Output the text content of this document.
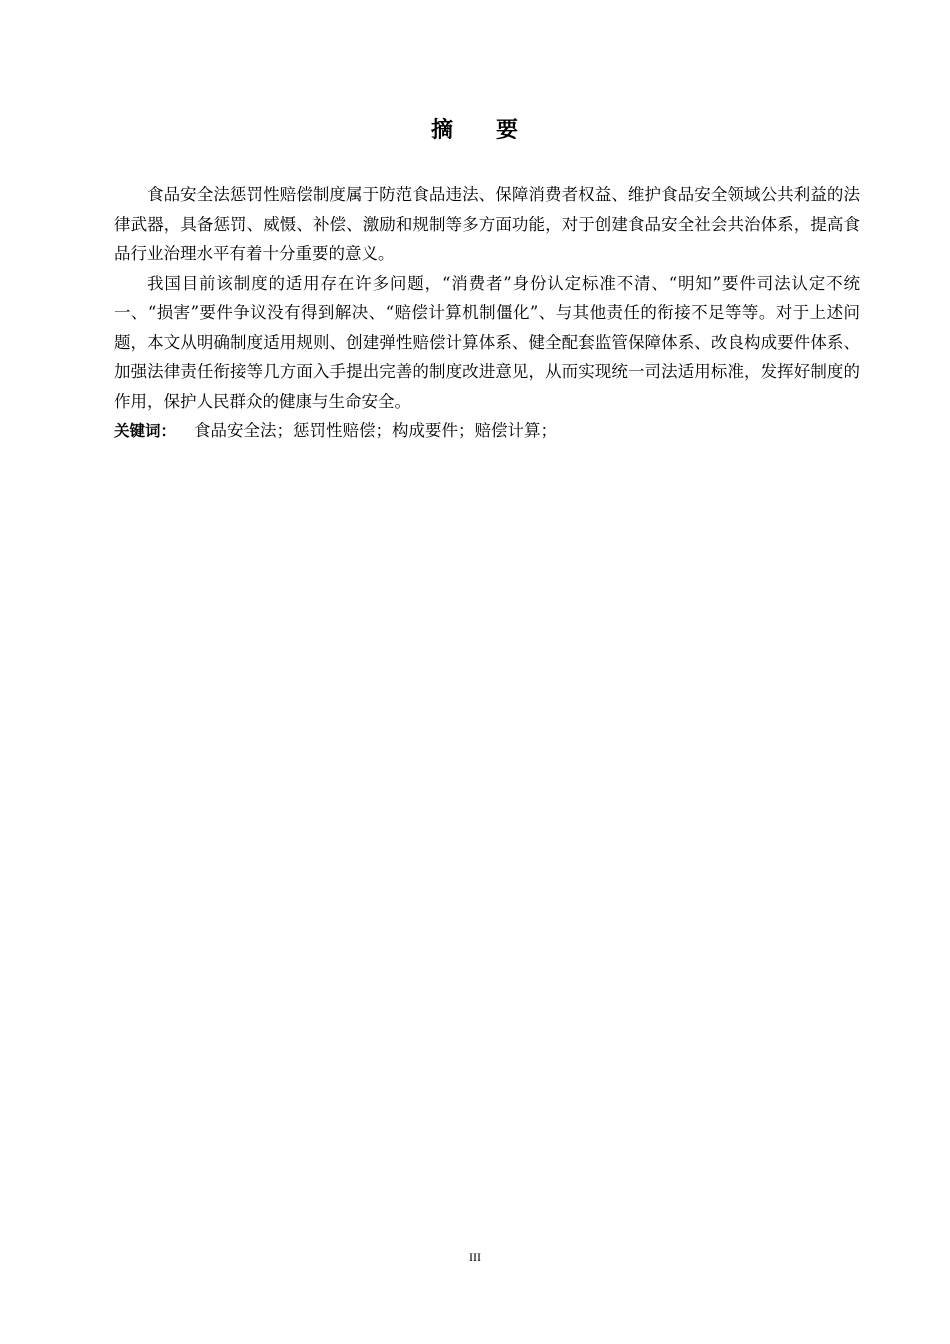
摘 要

食品安全法惩罚性赔偿制度属于防范食品违法、保障消费者权益、维护食品安全领域公共利益的法律武器，具备惩罚、威慑、补偿、激励和规制等多方面功能，对于创建食品安全社会共治体系，提高食品行业治理水平有着十分重要的意义。

我国目前该制度的适用存在许多问题，“消费者”身份认定标准不清、“明知”要件司法认定不统一、“损害”要件争议没有得到解决、“赔偿计算机制僵化”、与其他责任的衔接不足等等。对于上述问题，本文从明确制度适用规则、创建弹性赔偿计算体系、健全配套监管保障体系、改良构成要件体系、加强法律责任衔接等几方面入手提出完善的制度改进意见，从而实现统一司法适用标准，发挥好制度的作用，保护人民群众的健康与生命安全。

关键词： 食品安全法；惩罚性赔偿；构成要件；赔偿计算；

III
